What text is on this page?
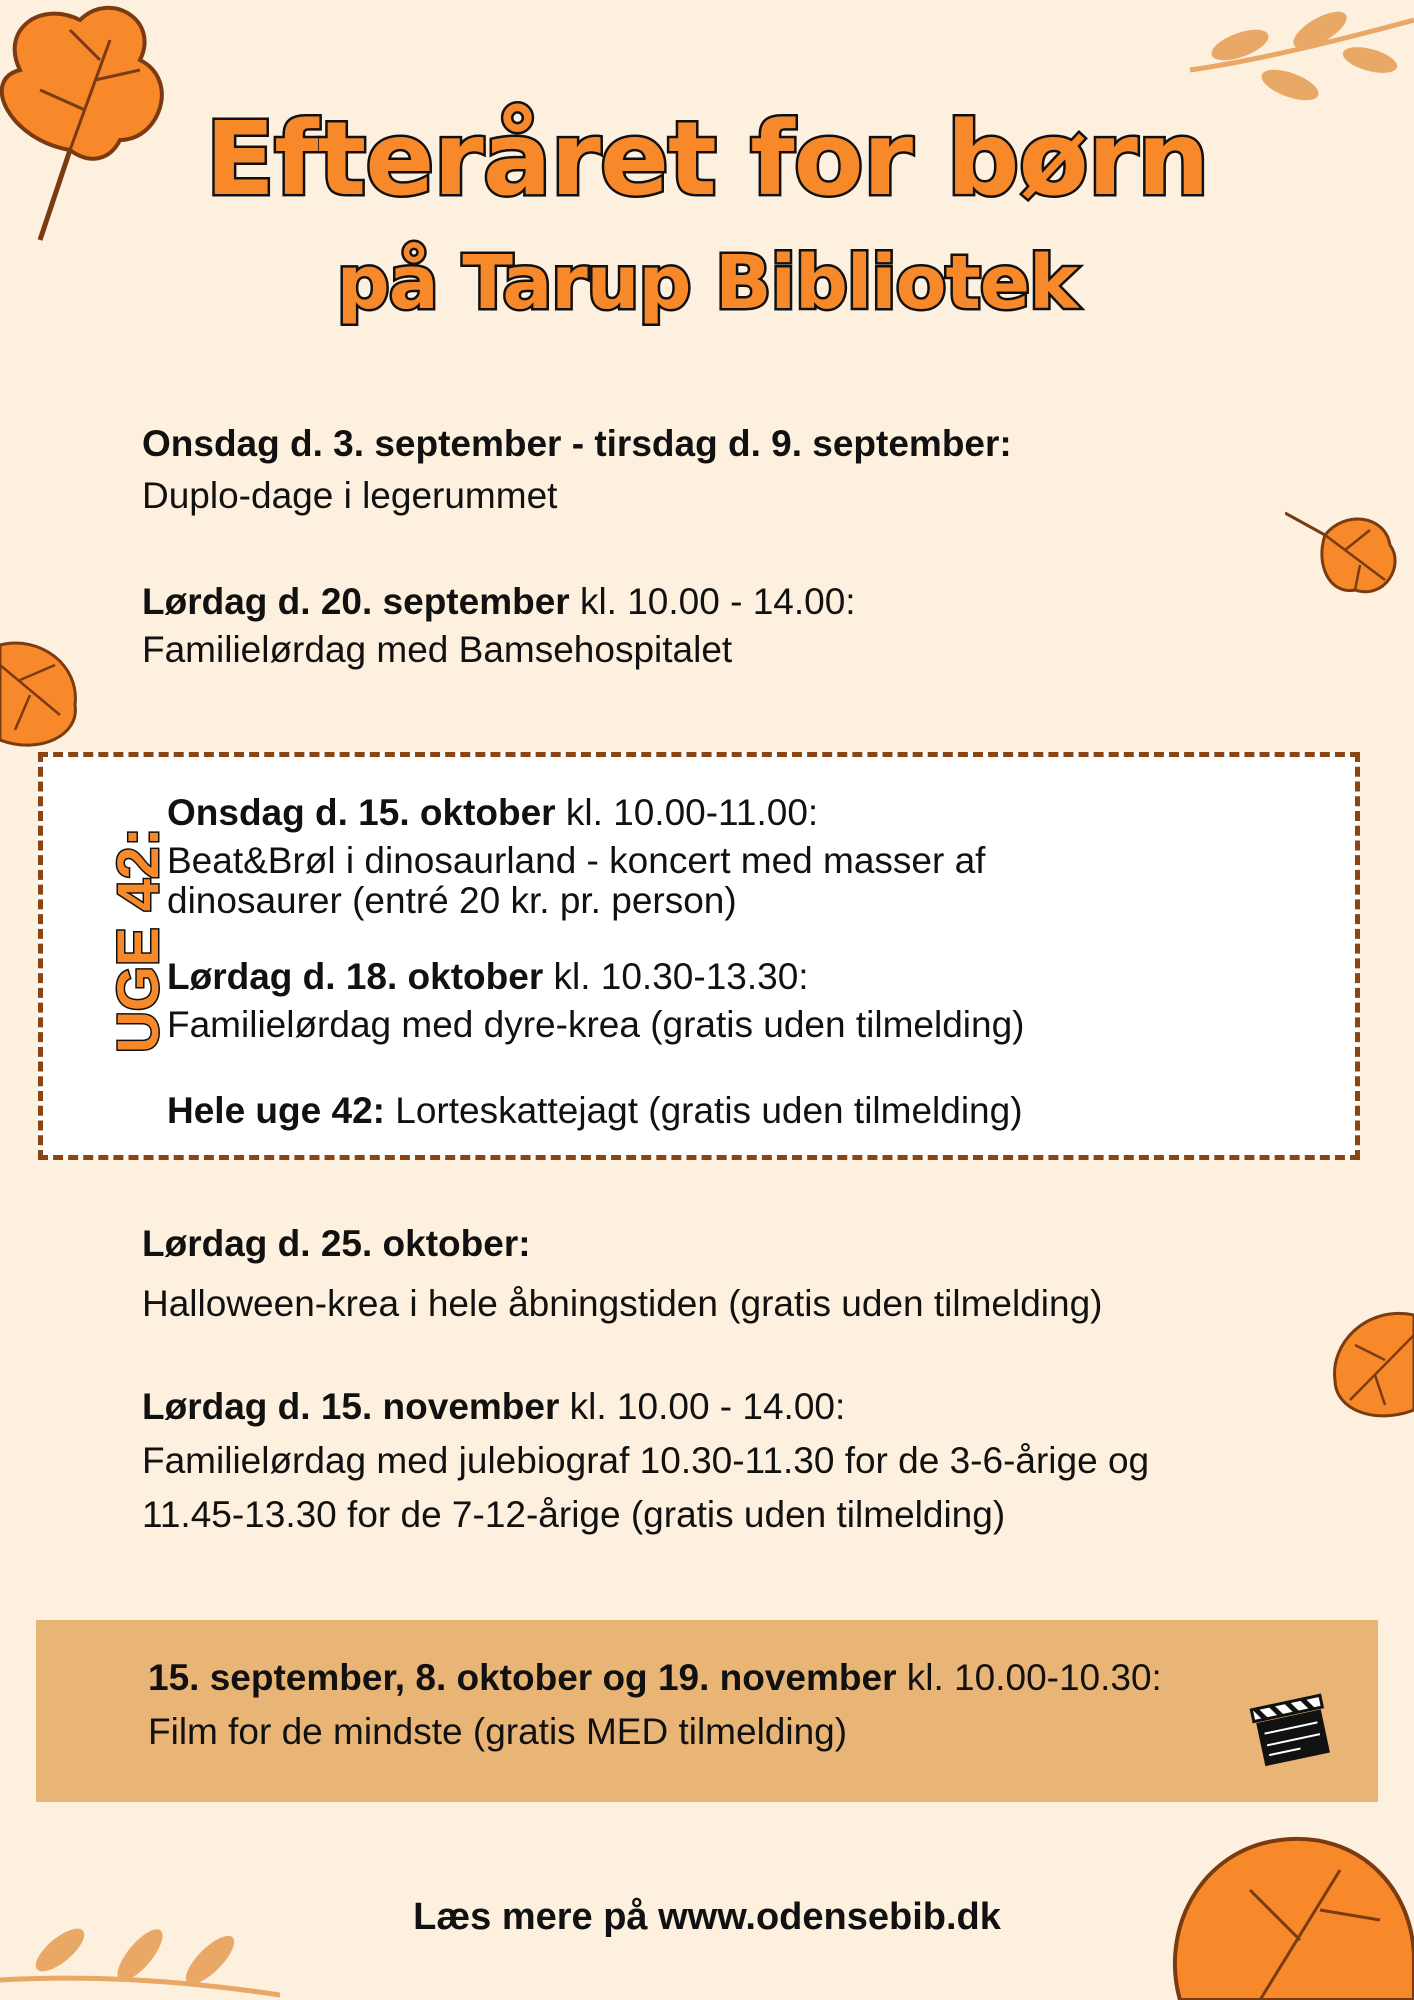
Efteråret for børn
på Tarup Bibliotek

Onsdag d. 3. september - tirsdag d. 9. september:

Duplo-dage i legerummet

Lørdag d. 20. september kl. 10.00 - 14.00:

Familielørdag med Bamsehospitalet

UGE 42:

Onsdag d. 15. oktober kl. 10.00-11.00:

Beat&Brøl i dinosaurland - koncert med masser af

dinosaurer (entré 20 kr. pr. person)

Lørdag d. 18. oktober kl. 10.30-13.30:

Familielørdag med dyre-krea (gratis uden tilmelding)

Hele uge 42: Lorteskattejagt (gratis uden tilmelding)

Lørdag d. 25. oktober:

Halloween-krea i hele åbningstiden (gratis uden tilmelding)

Lørdag d. 15. november kl. 10.00 - 14.00:

Familielørdag med julebiograf 10.30-11.30 for de 3-6-årige og

11.45-13.30 for de 7-12-årige (gratis uden tilmelding)

15. september, 8. oktober og 19. november kl. 10.00-10.30:

Film for de mindste (gratis MED tilmelding)

Læs mere på www.odensebib.dk
